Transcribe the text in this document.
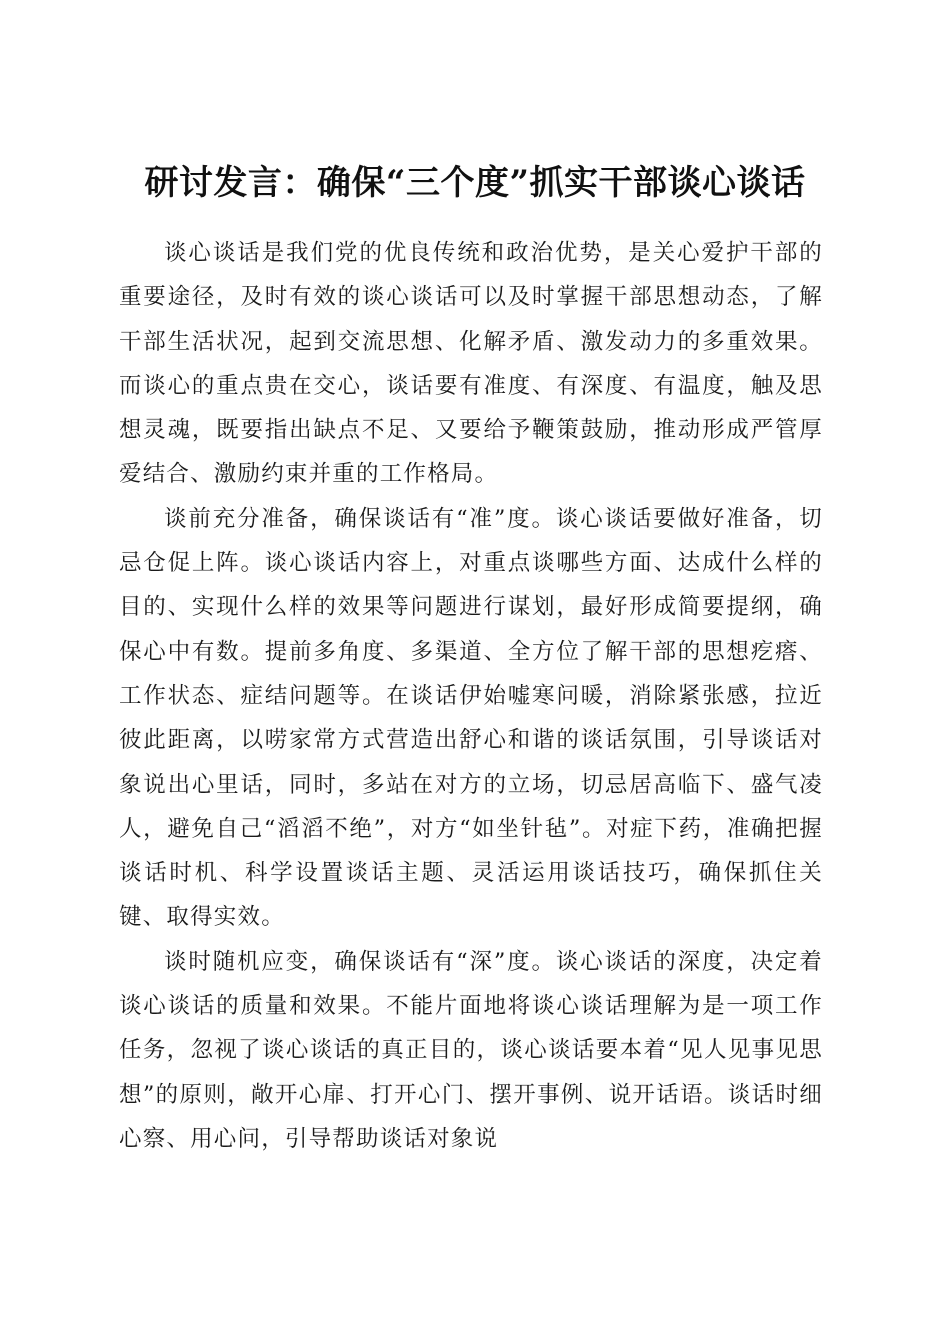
研讨发言：确保“三个度”抓实干部谈心谈话

谈心谈话是我们党的优良传统和政治优势，是关心爱护干部的重要途径，及时有效的谈心谈话可以及时掌握干部思想动态，了解干部生活状况，起到交流思想、化解矛盾、激发动力的多重效果。而谈心的重点贵在交心，谈话要有准度、有深度、有温度，触及思想灵魂，既要指出缺点不足、又要给予鞭策鼓励，推动形成严管厚爱结合、激励约束并重的工作格局。

谈前充分准备，确保谈话有“准”度。谈心谈话要做好准备，切忌仓促上阵。谈心谈话内容上，对重点谈哪些方面、达成什么样的目的、实现什么样的效果等问题进行谋划，最好形成简要提纲，确保心中有数。提前多角度、多渠道、全方位了解干部的思想疙瘩、工作状态、症结问题等。在谈话伊始嘘寒问暖，消除紧张感，拉近彼此距离，以唠家常方式营造出舒心和谐的谈话氛围，引导谈话对象说出心里话，同时，多站在对方的立场，切忌居高临下、盛气凌人，避免自己“滔滔不绝”，对方“如坐针毡”。对症下药，准确把握谈话时机、科学设置谈话主题、灵活运用谈话技巧，确保抓住关键、取得实效。

谈时随机应变，确保谈话有“深”度。谈心谈话的深度，决定着谈心谈话的质量和效果。不能片面地将谈心谈话理解为是一项工作任务，忽视了谈心谈话的真正目的，谈心谈话要本着“见人见事见思想”的原则，敞开心扉、打开心门、摆开事例、说开话语。谈话时细心察、用心问，引导帮助谈话对象说
